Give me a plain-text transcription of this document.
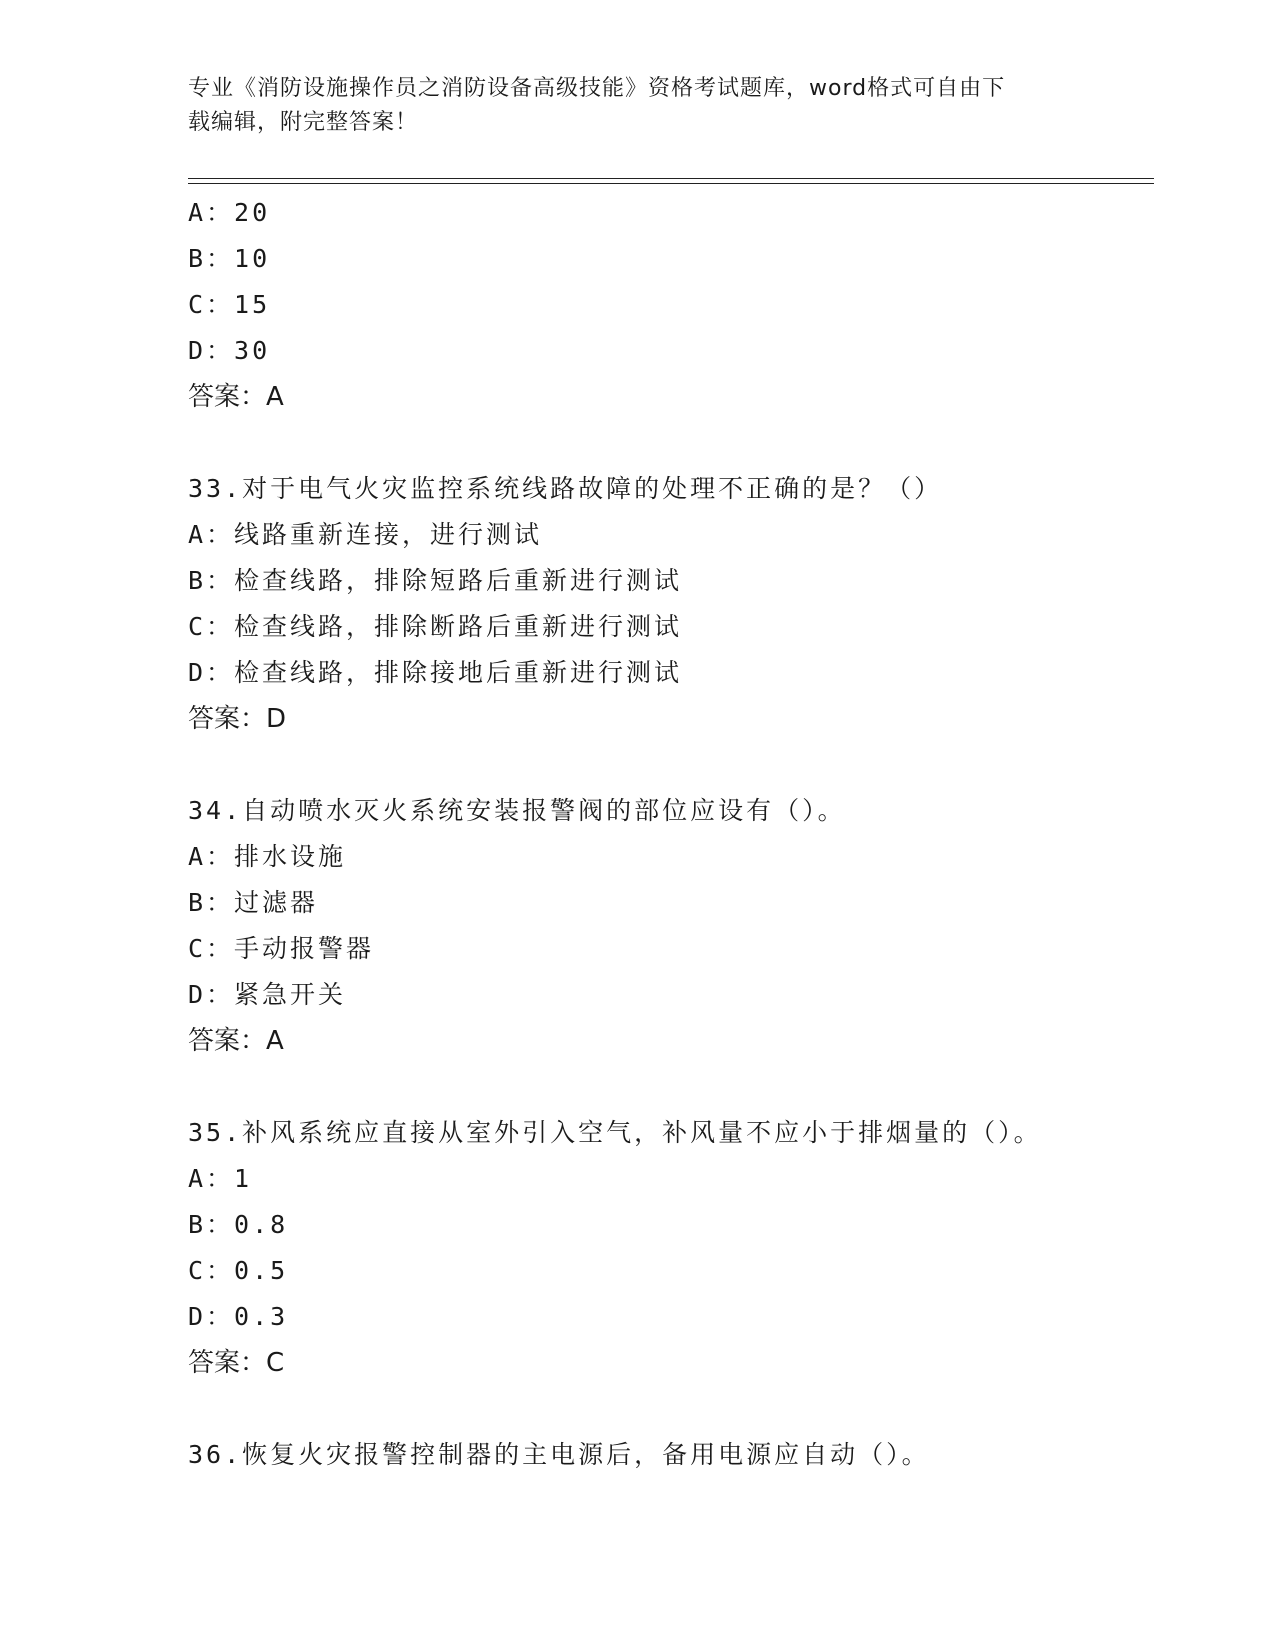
专业《消防设施操作员之消防设备高级技能》资格考试题库，word格式可自由下
载编辑，附完整答案！
A：20
B：10
C：15
D：30
答案：A
33.对于电气火灾监控系统线路故障的处理不正确的是？（）
A：线路重新连接，进行测试
B：检查线路，排除短路后重新进行测试
C：检查线路，排除断路后重新进行测试
D：检查线路，排除接地后重新进行测试
答案：D
34.自动喷水灭火系统安装报警阀的部位应设有（）。
A：排水设施
B：过滤器
C：手动报警器
D：紧急开关
答案：A
35.补风系统应直接从室外引入空气，补风量不应小于排烟量的（）。
A：1
B：0.8
C：0.5
D：0.3
答案：C
36.恢复火灾报警控制器的主电源后，备用电源应自动（）。
